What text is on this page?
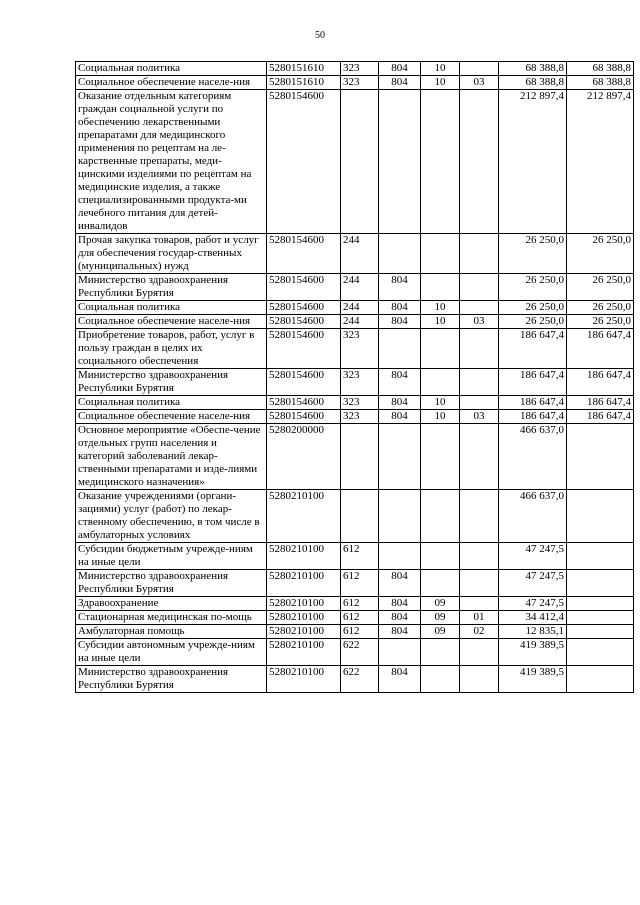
50
Социальная политика	5280151610	323	804	10		68 388,8	68 388,8
Социальное обеспечение населе-ния	5280151610	323	804	10	03	68 388,8	68 388,8
Оказание отдельным категориям граждан социальной услуги по обеспечению лекарственными препаратами для медицинского применения по рецептам на ле-карственные препараты, меди-цинскими изделиями по рецептам на медицинские изделия, а также специализированными продукта-ми лечебного питания для детей-инвалидов	5280154600					212 897,4	212 897,4
Прочая закупка товаров, работ и услуг для обеспечения государ-ственных (муниципальных) нужд	5280154600	244				26 250,0	26 250,0
Министерство здравоохранения Республики Бурятия	5280154600	244	804			26 250,0	26 250,0
Социальная политика	5280154600	244	804	10		26 250,0	26 250,0
Социальное обеспечение населе-ния	5280154600	244	804	10	03	26 250,0	26 250,0
Приобретение товаров, работ, услуг в пользу граждан в целях их социального обеспечения	5280154600	323				186 647,4	186 647,4
Министерство здравоохранения Республики Бурятия	5280154600	323	804			186 647,4	186 647,4
Социальная политика	5280154600	323	804	10		186 647,4	186 647,4
Социальное обеспечение населе-ния	5280154600	323	804	10	03	186 647,4	186 647,4
Основное мероприятие «Обеспе-чение отдельных групп населения и категорий заболеваний лекар-ственными препаратами и изде-лиями медицинского назначения»	5280200000					466 637,0	
Оказание учреждениями (органи-зациями) услуг (работ) по лекар-ственному обеспечению, в том числе в амбулаторных условиях	5280210100					466 637,0	
Субсидии бюджетным учрежде-ниям на иные цели	5280210100	612				47 247,5	
Министерство здравоохранения Республики Бурятия	5280210100	612	804			47 247,5	
Здравоохранение	5280210100	612	804	09		47 247,5	
Стационарная медицинская по-мощь	5280210100	612	804	09	01	34 412,4	
Амбулаторная помощь	5280210100	612	804	09	02	12 835,1	
Субсидии автономным учрежде-ниям на иные цели	5280210100	622				419 389,5	
Министерство здравоохранения Республики Бурятия	5280210100	622	804			419 389,5	
